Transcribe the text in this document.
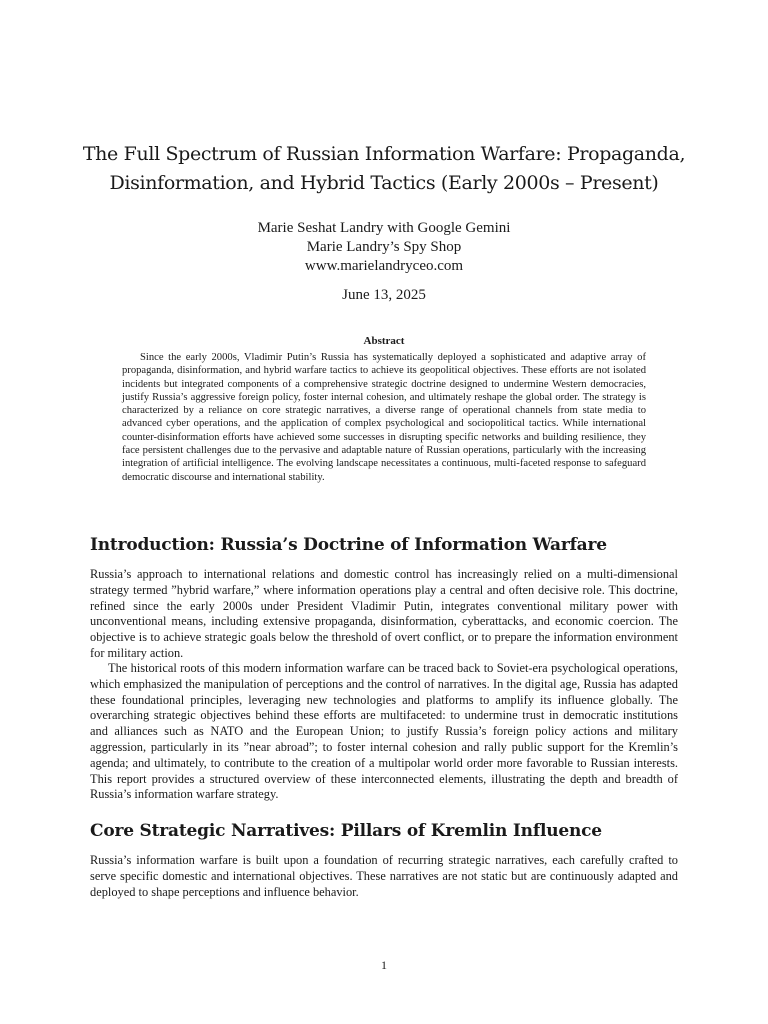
The Full Spectrum of Russian Information Warfare: Propaganda, Disinformation, and Hybrid Tactics (Early 2000s – Present)
Marie Seshat Landry with Google Gemini
Marie Landry’s Spy Shop
www.marielandryceo.com
June 13, 2025
Abstract

Since the early 2000s, Vladimir Putin’s Russia has systematically deployed a sophisticated and adaptive array of propaganda, disinformation, and hybrid warfare tactics to achieve its geopolitical objectives. These efforts are not isolated incidents but integrated components of a comprehensive strategic doctrine designed to undermine Western democracies, justify Russia’s aggressive foreign policy, foster internal cohesion, and ultimately reshape the global order. The strategy is characterized by a reliance on core strategic narratives, a diverse range of operational channels from state media to advanced cyber operations, and the application of complex psychological and sociopolitical tactics. While international counter-disinformation efforts have achieved some successes in disrupting specific networks and building resilience, they face persistent challenges due to the pervasive and adaptable nature of Russian operations, particularly with the increasing integration of artificial intelligence. The evolving landscape necessitates a continuous, multi-faceted response to safeguard democratic discourse and international stability.

Introduction: Russia’s Doctrine of Information Warfare

Russia’s approach to international relations and domestic control has increasingly relied on a multi-dimensional strategy termed ”hybrid warfare,” where information operations play a central and often decisive role. This doctrine, refined since the early 2000s under President Vladimir Putin, integrates conventional military power with unconventional means, including extensive propaganda, disinformation, cyberattacks, and economic coercion. The objective is to achieve strategic goals below the threshold of overt conflict, or to prepare the information environment for military action.

The historical roots of this modern information warfare can be traced back to Soviet-era psychological operations, which emphasized the manipulation of perceptions and the control of narratives. In the digital age, Russia has adapted these foundational principles, leveraging new technologies and platforms to amplify its influence globally. The overarching strategic objectives behind these efforts are multifaceted: to undermine trust in democratic institutions and alliances such as NATO and the European Union; to justify Russia’s foreign policy actions and military aggression, particularly in its ”near abroad”; to foster internal cohesion and rally public support for the Kremlin’s agenda; and ultimately, to contribute to the creation of a multipolar world order more favorable to Russian interests. This report provides a structured overview of these interconnected elements, illustrating the depth and breadth of Russia’s information warfare strategy.

Core Strategic Narratives: Pillars of Kremlin Influence

Russia’s information warfare is built upon a foundation of recurring strategic narratives, each carefully crafted to serve specific domestic and international objectives. These narratives are not static but are continuously adapted and deployed to shape perceptions and influence behavior.

1
